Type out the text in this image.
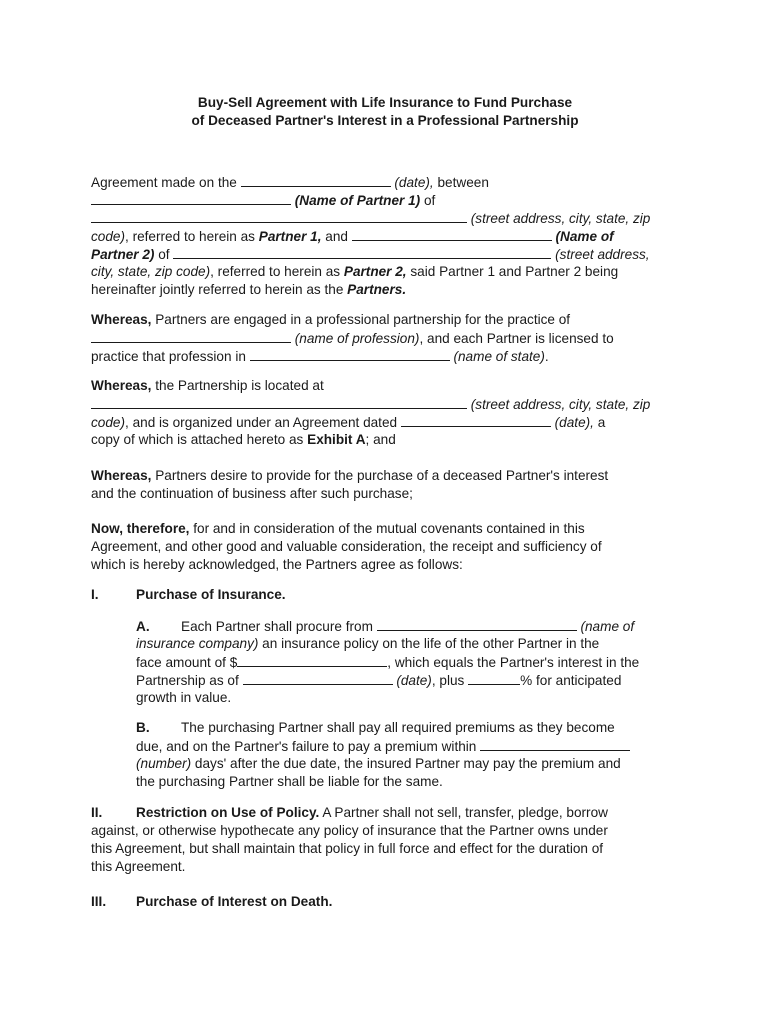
Buy-Sell Agreement with Life Insurance to Fund Purchase
of Deceased Partner's Interest in a Professional Partnership
Agreement made on the	(date), between
(Name of Partner 1) of
(street address, city, state, zip
code), referred to herein as Partner 1, and	(Name of
Partner 2) of	(street address,
city, state, zip code), referred to herein as Partner 2, said Partner 1 and Partner 2 being
hereinafter jointly referred to herein as the Partners.
Whereas, Partners are engaged in a professional partnership for the practice of
(name of profession), and each Partner is licensed to
practice that profession in	(name of state).
Whereas, the Partnership is located at
(street address, city, state, zip
code), and is organized under an Agreement dated	(date), a
copy of which is attached hereto as Exhibit A; and
Whereas, Partners desire to provide for the purchase of a deceased Partner's interest
and the continuation of business after such purchase;
Now, therefore, for and in consideration of the mutual covenants contained in this
Agreement, and other good and valuable consideration, the receipt and sufficiency of
which is hereby acknowledged, the Partners agree as follows:
I.	Purchase of Insurance.
A. Each Partner shall procure from	(name of
insurance company) an insurance policy on the life of the other Partner in the
face amount of $	, which equals the Partner's interest in the
Partnership as of	(date), plus	% for anticipated
growth in value.
B. The purchasing Partner shall pay all required premiums as they become
due, and on the Partner's failure to pay a premium within
(number) days' after the due date, the insured Partner may pay the premium and
the purchasing Partner shall be liable for the same.
II. Restriction on Use of Policy. A Partner shall not sell, transfer, pledge, borrow
against, or otherwise hypothecate any policy of insurance that the Partner owns under
this Agreement, but shall maintain that policy in full force and effect for the duration of
this Agreement.
III. Purchase of Interest on Death.
